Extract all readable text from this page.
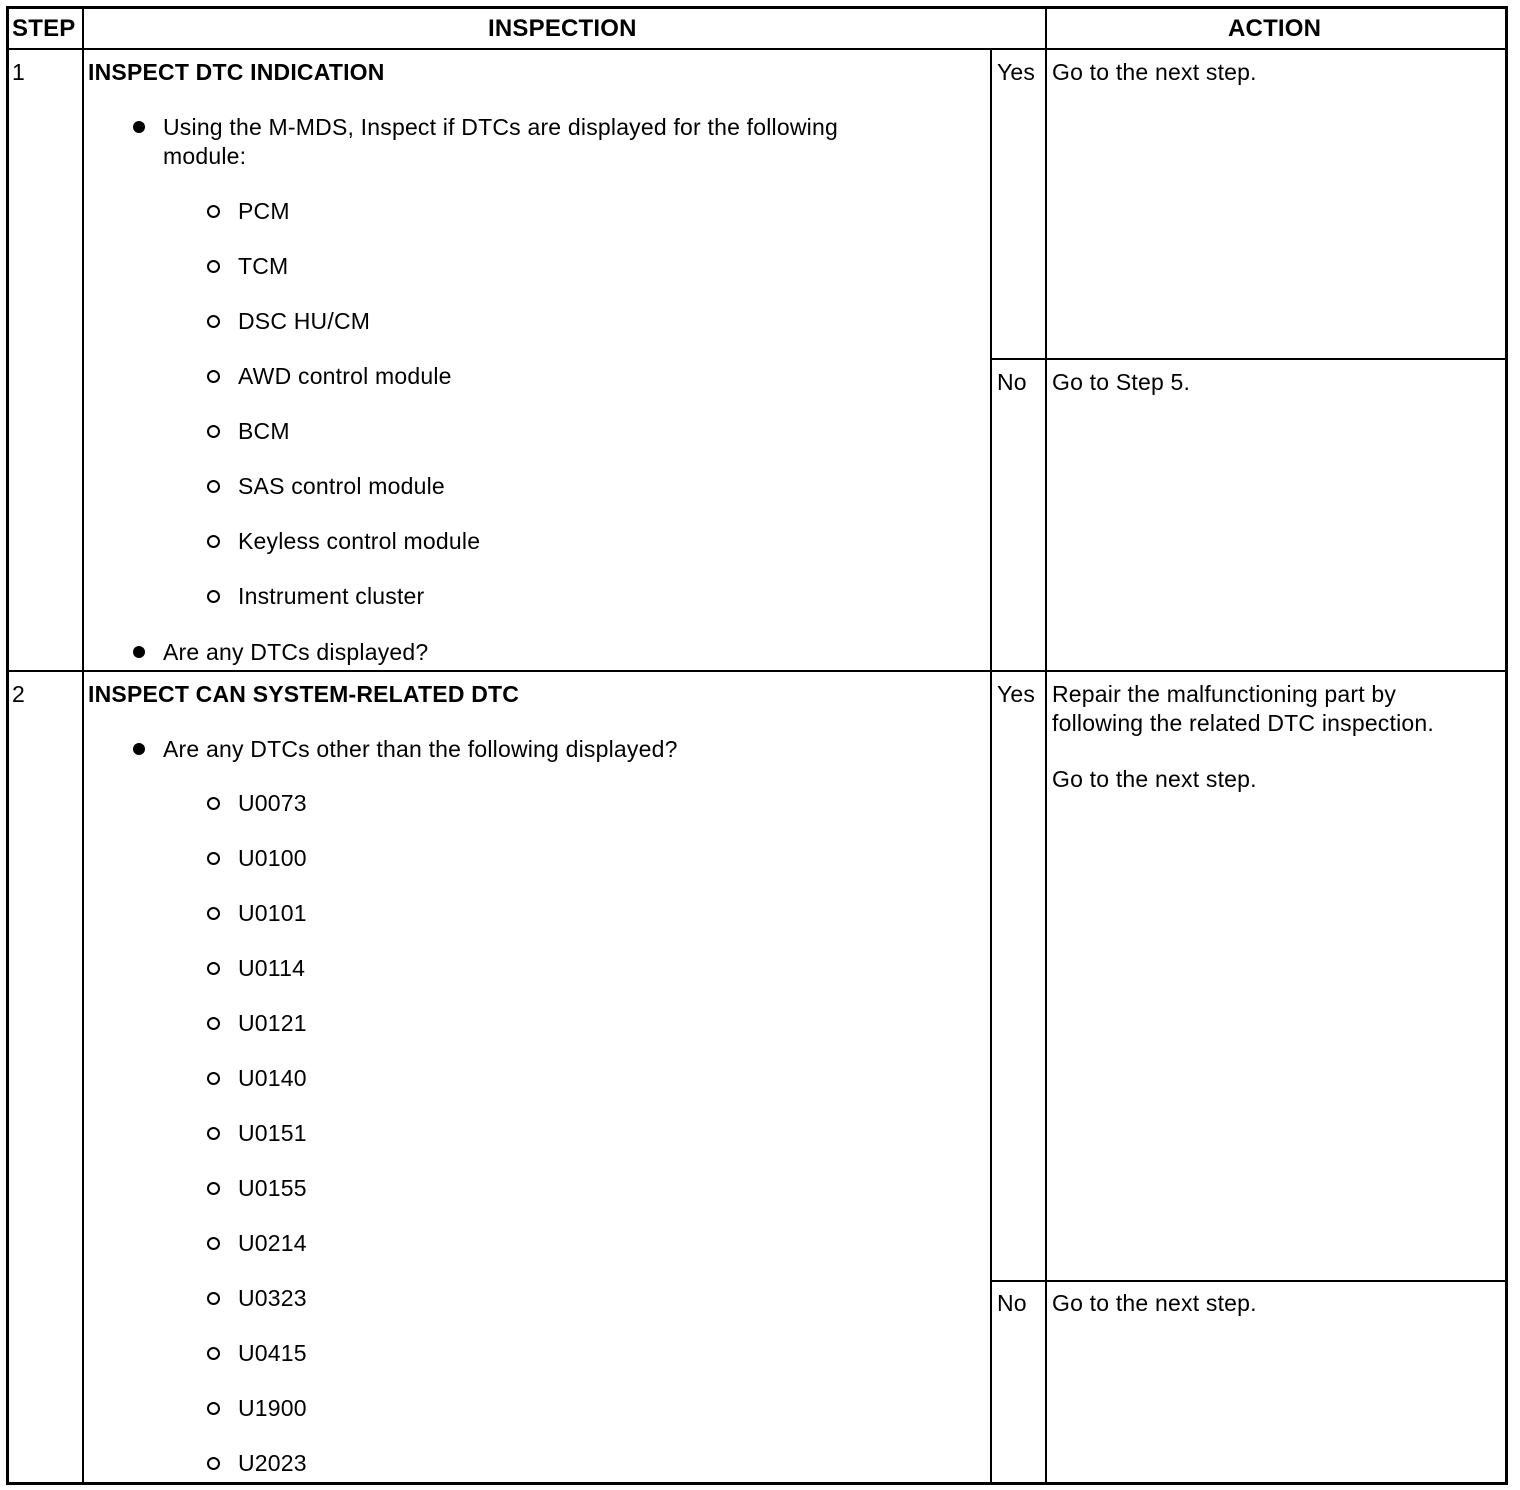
STEP	INSPECTION	ACTION
1	INSPECT DTC INDICATION
Using the M-MDS, Inspect if DTCs are displayed for the following
module:
PCM
TCM
DSC HU/CM
AWD control module
BCM
SAS control module
Keyless control module
Instrument cluster
Are any DTCs displayed?
Yes Go to the next step.
No Go to Step 5.
2	INSPECT CAN SYSTEM-RELATED DTC
Are any DTCs other than the following displayed?
U0073
U0100
U0101
U0114
U0121
U0140
U0151
U0155
U0214
U0323
U0415
U1900
U2023
Yes Repair the malfunctioning part by
following the related DTC inspection.
Go to the next step.
No Go to the next step.
